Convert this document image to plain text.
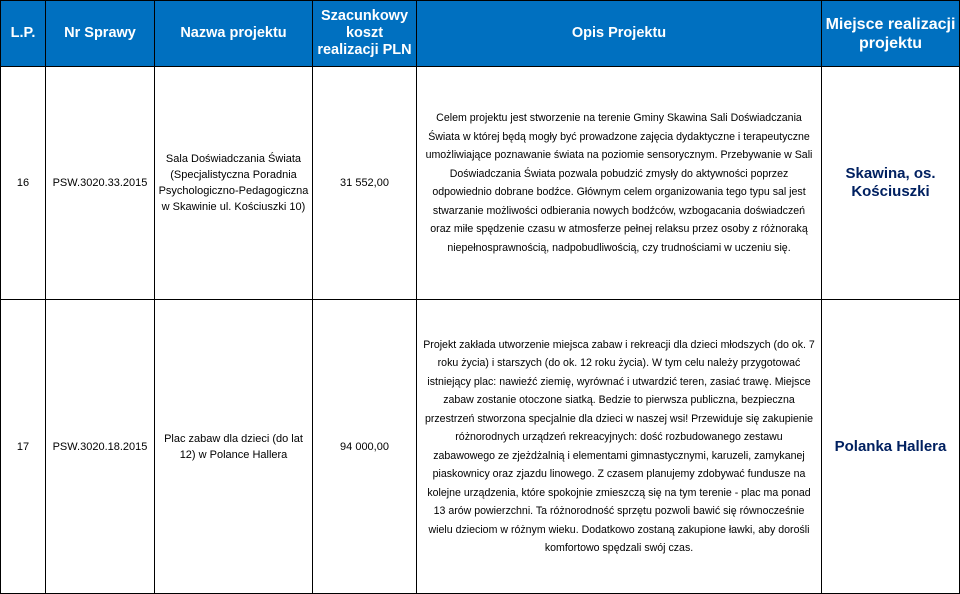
L.P.	Nr Sprawy	Nazwa projektu	Szacunkowy koszt realizacji PLN	Opis Projektu	Miejsce realizacji projektu
16	PSW.3020.33.2015	Sala Doświadczania Świata (Specjalistyczna Poradnia Psychologiczno-Pedagogiczna w Skawinie ul. Kościuszki 10)	31 552,00	Celem projektu jest stworzenie na terenie Gminy Skawina Sali Doświadczania Świata w której będą mogły być prowadzone zajęcia dydaktyczne i terapeutyczne umożliwiające poznawanie świata na poziomie sensorycznym. Przebywanie w Sali Doświadczania Świata pozwala pobudzić zmysły do aktywności poprzez odpowiednio dobrane bodźce. Głównym celem organizowania tego typu sal jest stwarzanie możliwości odbierania nowych bodźców, wzbogacania doświadczeń oraz miłe spędzenie czasu w atmosferze pełnej relaksu przez osoby z różnoraką niepełnosprawnością, nadpobudliwością, czy trudnościami w uczeniu się.	Skawina, os. Kościuszki
17	PSW.3020.18.2015	Plac zabaw dla dzieci (do lat 12) w Polance Hallera	94 000,00	Projekt zakłada utworzenie miejsca zabaw i rekreacji dla dzieci młodszych (do ok. 7 roku życia) i starszych (do ok. 12 roku życia). W tym celu należy przygotować istniejący plac: nawieźć ziemię, wyrównać i utwardzić teren, zasiać trawę. Miejsce zabaw zostanie otoczone siatką. Bedzie to pierwsza publiczna, bezpieczna przestrzeń stworzona specjalnie dla dzieci w naszej wsi! Przewiduje się zakupienie różnorodnych urządzeń rekreacyjnych: dość rozbudowanego zestawu zabawowego ze zjeżdżalnią i elementami gimnastycznymi, karuzeli, zamykanej piaskownicy oraz zjazdu linowego. Z czasem planujemy zdobywać fundusze na kolejne urządzenia, które spokojnie zmieszczą się na tym terenie - plac ma ponad 13 arów powierzchni. Ta różnorodność sprzętu pozwoli bawić się równocześnie wielu dzieciom w różnym wieku. Dodatkowo zostaną zakupione ławki, aby dorośli komfortowo spędzali swój czas.	Polanka Hallera
